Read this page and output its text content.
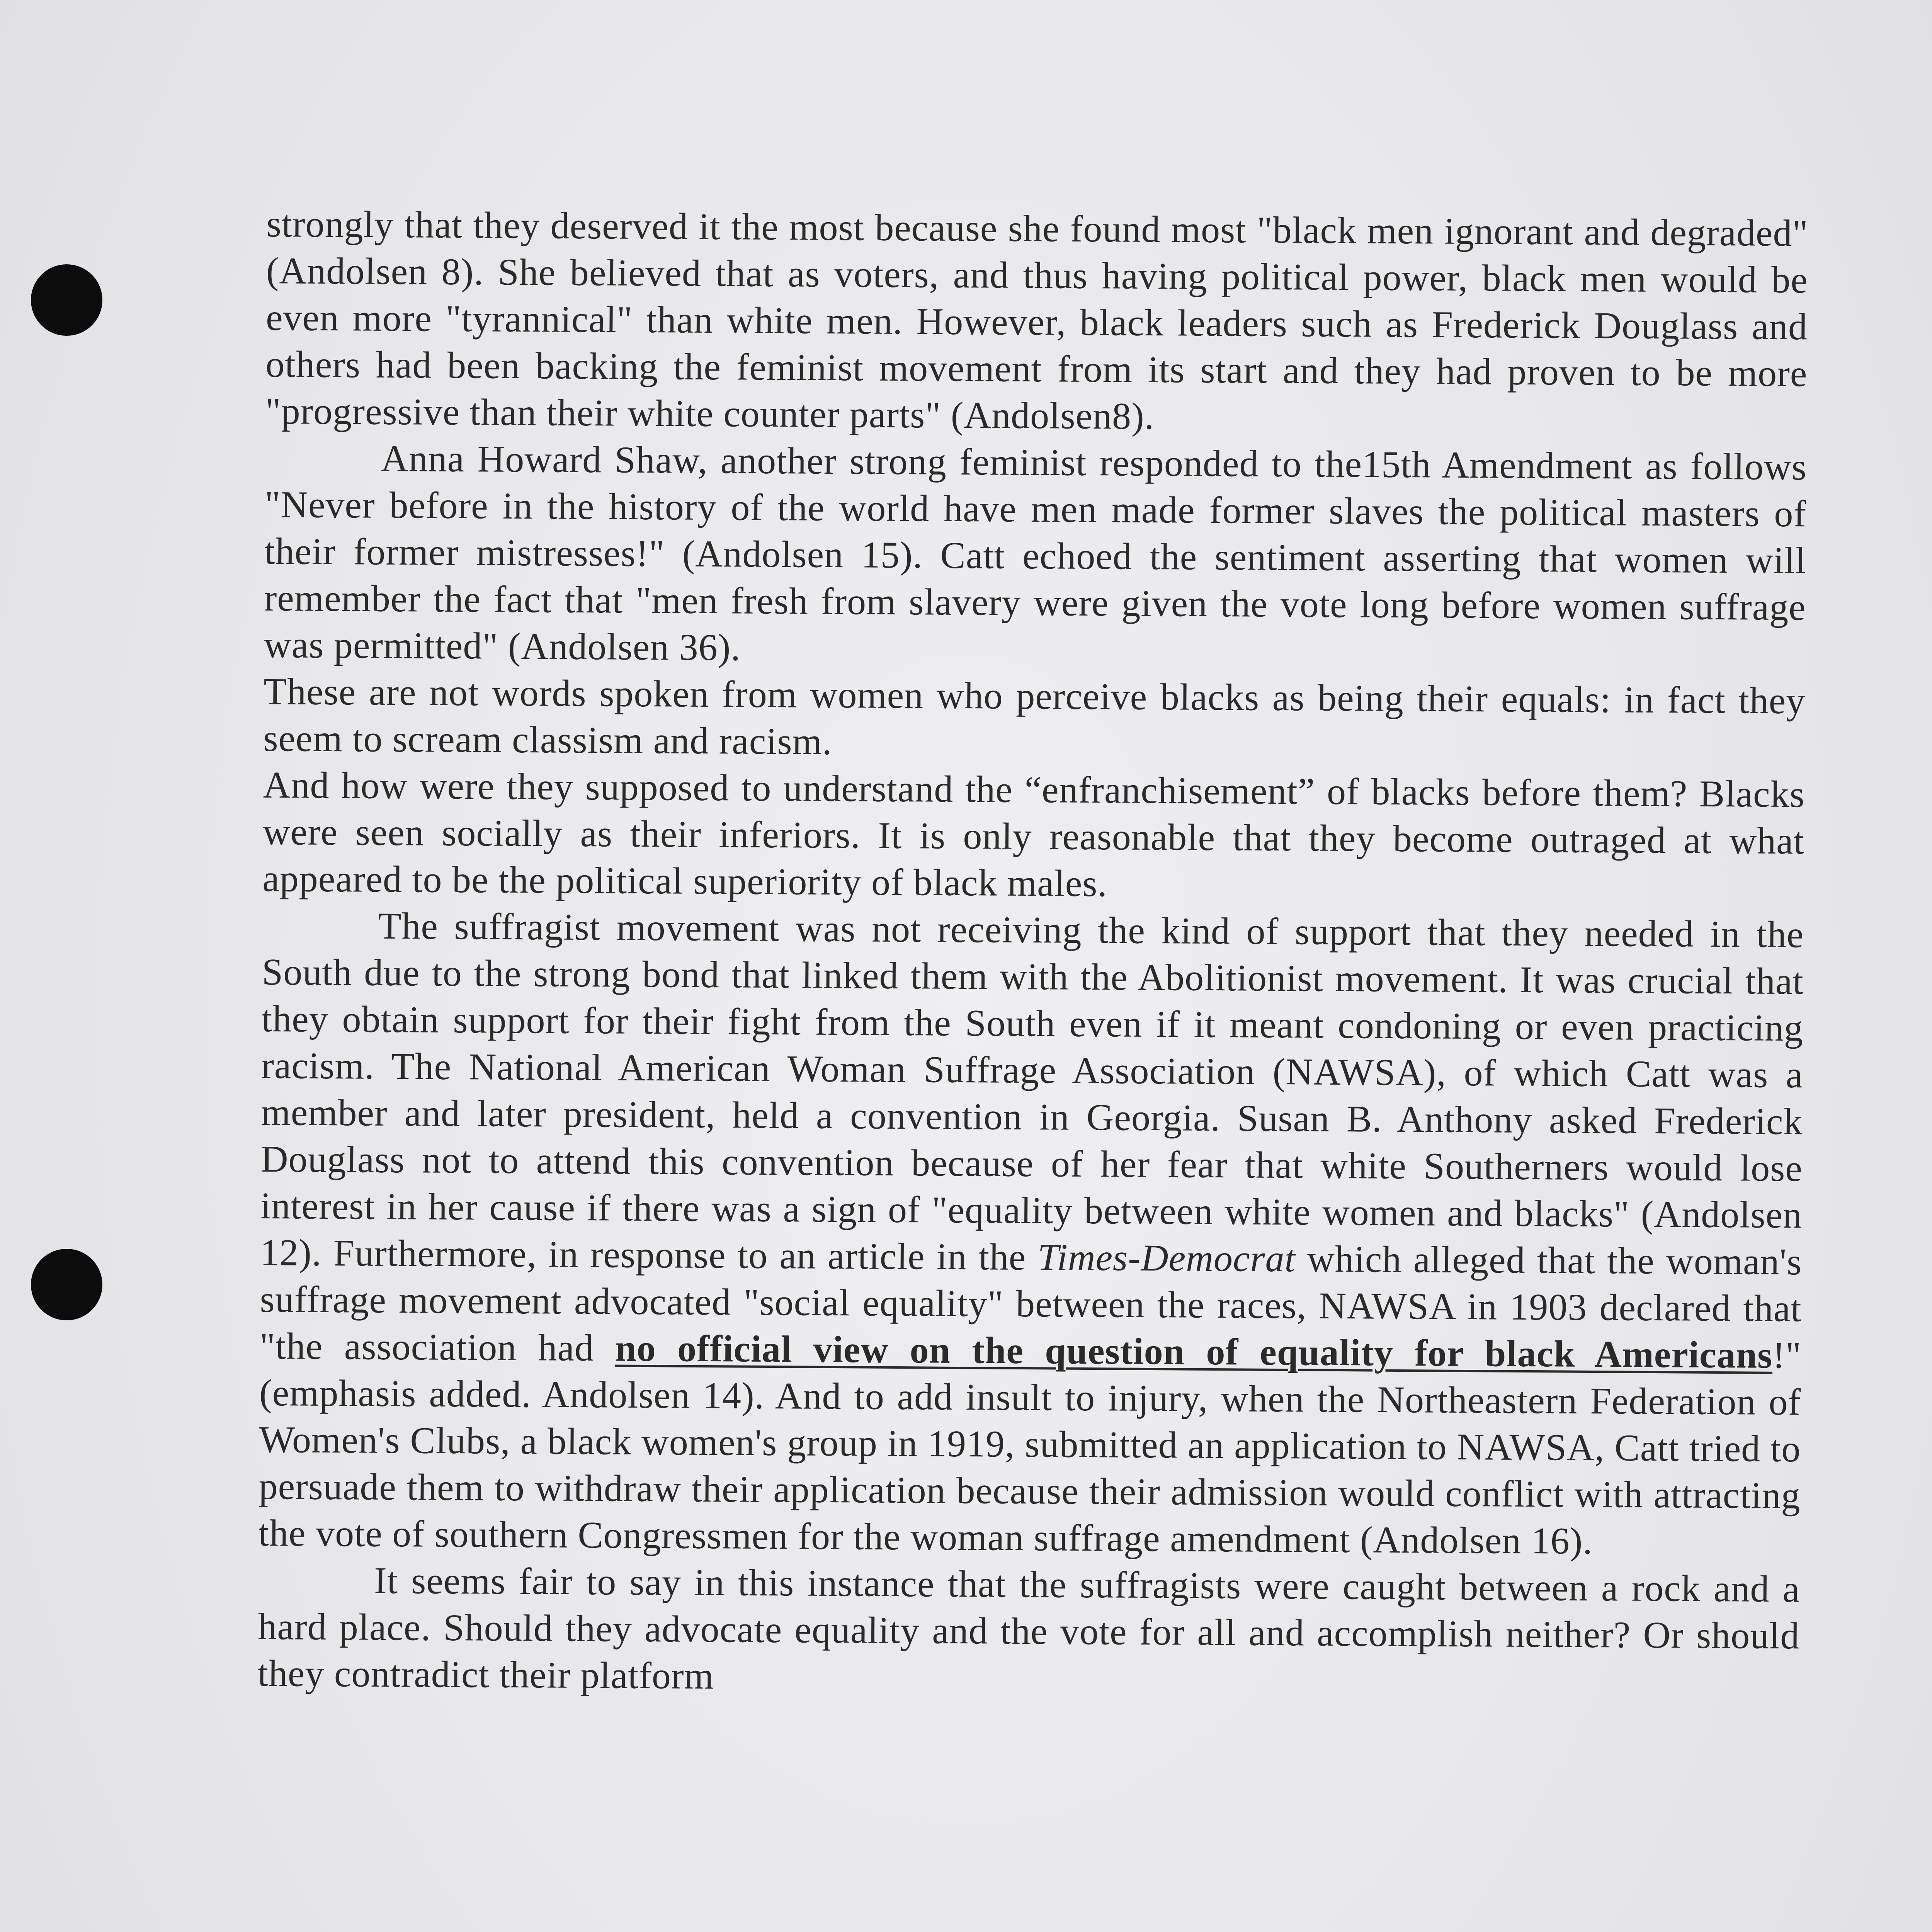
strongly that they deserved it the most because she found most "black men ignorant and degraded" (Andolsen 8). She believed that as voters, and thus having political power, black men would be even more "tyrannical" than white men. However, black leaders such as Frederick Douglass and others had been backing the feminist movement from its start and they had proven to be more "progressive than their white counter parts" (Andolsen8).

Anna Howard Shaw, another strong feminist responded to the15th Amendment as follows "Never before in the history of the world have men made former slaves the political masters of their former mistresses!" (Andolsen 15). Catt echoed the sentiment asserting that women will remember the fact that "men fresh from slavery were given the vote long before women suffrage was permitted" (Andolsen 36).

These are not words spoken from women who perceive blacks as being their equals: in fact they seem to scream classism and racism.

And how were they supposed to understand the “enfranchisement” of blacks before them? Blacks were seen socially as their inferiors. It is only reasonable that they become outraged at what appeared to be the political superiority of black males.

The suffragist movement was not receiving the kind of support that they needed in the South due to the strong bond that linked them with the Abolitionist movement. It was crucial that they obtain support for their fight from the South even if it meant condoning or even practicing racism. The National American Woman Suffrage Association (NAWSA), of which Catt was a member and later president, held a convention in Georgia. Susan B. Anthony asked Frederick Douglass not to attend this convention because of her fear that white Southerners would lose interest in her cause if there was a sign of "equality between white women and blacks" (Andolsen 12). Furthermore, in response to an article in the Times-Democrat which alleged that the woman's suffrage movement advocated "social equality" between the races, NAWSA in 1903 declared that "the association had no official view on the question of equality for black Americans!" (emphasis added. Andolsen 14). And to add insult to injury, when the Northeastern Federation of Women's Clubs, a black women's group in 1919, submitted an application to NAWSA, Catt tried to persuade them to withdraw their application because their admission would conflict with attracting the vote of southern Congressmen for the woman suffrage amendment (Andolsen 16).

It seems fair to say in this instance that the suffragists were caught between a rock and a hard place. Should they advocate equality and the vote for all and accomplish neither? Or should they contradict their platform
